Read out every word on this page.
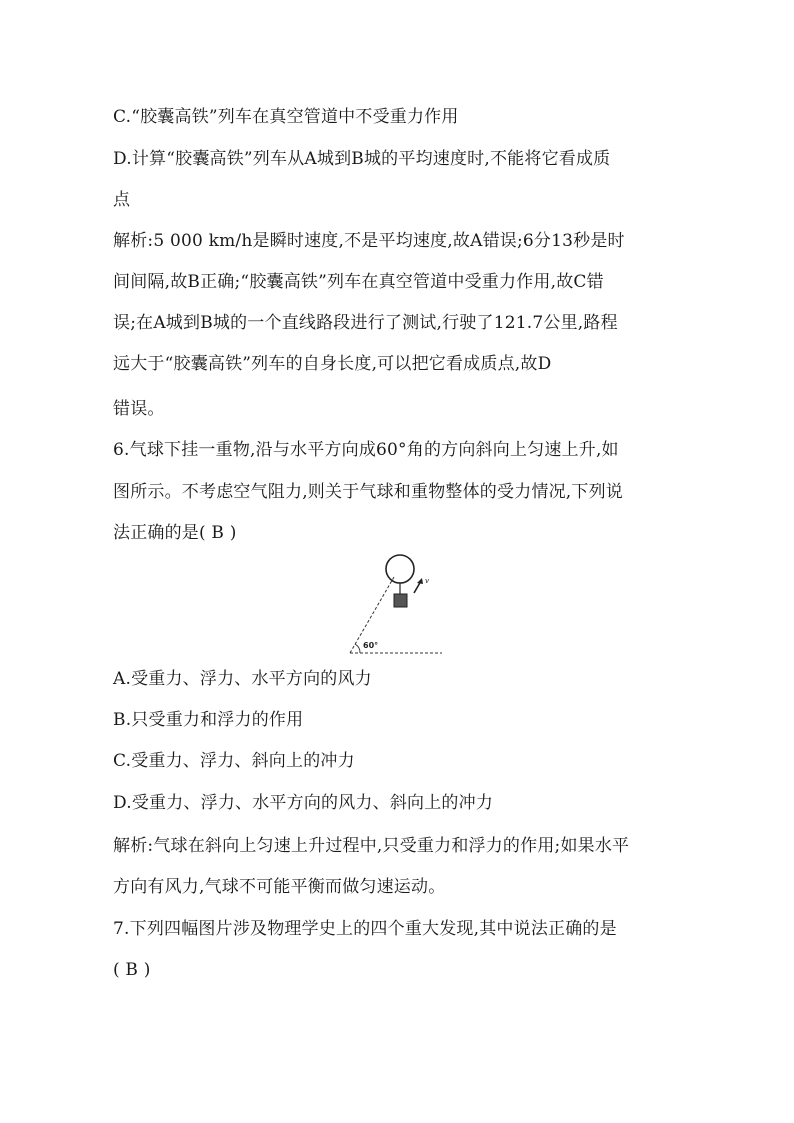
C.“胶囊高铁”列车在真空管道中不受重力作用
D.计算“胶囊高铁”列车从A城到B城的平均速度时,不能将它看成质
点
解析:5 000 km/h是瞬时速度,不是平均速度,故A错误;6分13秒是时
间间隔,故B正确;“胶囊高铁”列车在真空管道中受重力作用,故C错
误;在A城到B城的一个直线路段进行了测试,行驶了121.7公里,路程
远大于“胶囊高铁”列车的自身长度,可以把它看成质点,故D
错误。
6.气球下挂一重物,沿与水平方向成60°角的方向斜向上匀速上升,如
图所示。不考虑空气阻力,则关于气球和重物整体的受力情况,下列说
法正确的是( B )
60°
v
A.受重力、浮力、水平方向的风力
B.只受重力和浮力的作用
C.受重力、浮力、斜向上的冲力
D.受重力、浮力、水平方向的风力、斜向上的冲力
解析:气球在斜向上匀速上升过程中,只受重力和浮力的作用;如果水平
方向有风力,气球不可能平衡而做匀速运动。
7.下列四幅图片涉及物理学史上的四个重大发现,其中说法正确的是
( B )
